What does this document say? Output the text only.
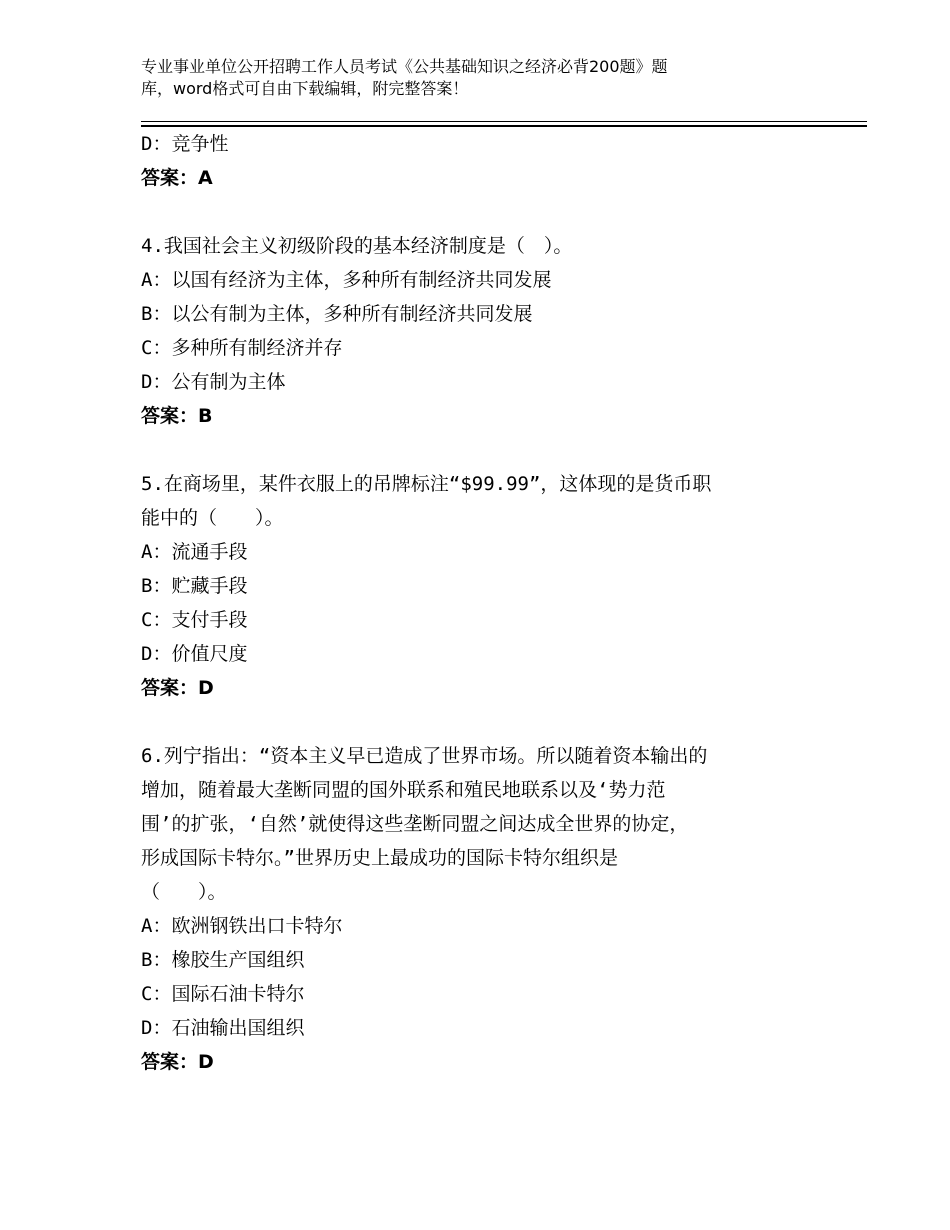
专业事业单位公开招聘工作人员考试《公共基础知识之经济必背200题》题
库，word格式可自由下载编辑，附完整答案！
D：竞争性
答案：A
4.我国社会主义初级阶段的基本经济制度是（　）。
A：以国有经济为主体，多种所有制经济共同发展
B：以公有制为主体，多种所有制经济共同发展
C：多种所有制经济并存
D：公有制为主体
答案：B
5.在商场里，某件衣服上的吊牌标注“$99.99”，这体现的是货币职
能中的（　　）。
A：流通手段
B：贮藏手段
C：支付手段
D：价值尺度
答案：D
6.列宁指出：“资本主义早已造成了世界市场。所以随着资本输出的
增加，随着最大垄断同盟的国外联系和殖民地联系以及‘势力范
围’的扩张，‘自然’就使得这些垄断同盟之间达成全世界的协定，
形成国际卡特尔。”世界历史上最成功的国际卡特尔组织是
（　　）。
A：欧洲钢铁出口卡特尔
B：橡胶生产国组织
C：国际石油卡特尔
D：石油输出国组织
答案：D
